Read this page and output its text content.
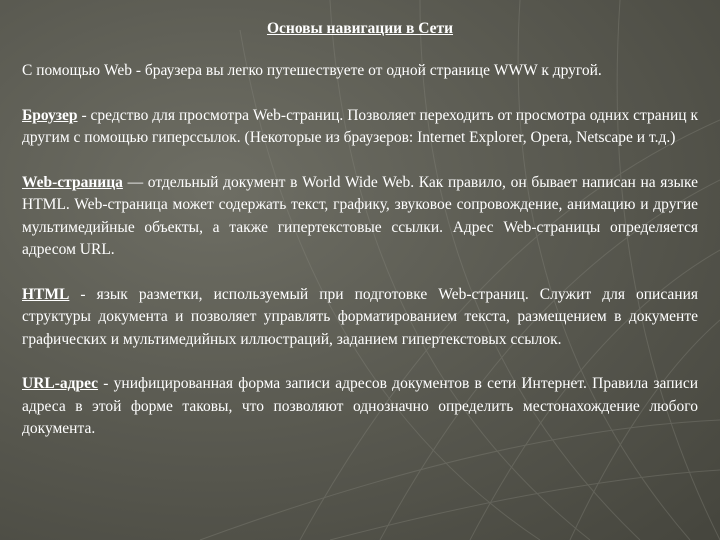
Основы навигации в Сети

С помощью Web - браузера вы легко путешествуете от одной странице WWW к другой.

Броузер - средство для просмотра Web-страниц. Позволяет переходить от просмотра одних страниц к другим с помощью гиперссылок. (Некоторые из браузеров: Internet Explorer, Opera, Netscape и т.д.)

Web-страница — отдельный документ в World Wide Web. Как правило, он бывает написан на языке HTML. Web-страница может содержать текст, графику, звуковое сопровождение, анимацию и другие мультимедийные объекты, а также гипертекстовые ссылки. Адрес Web-страницы определяется адресом URL.

HTML - язык разметки, используемый при подготовке Web-страниц. Служит для описания структуры документа и позволяет управлять форматированием текста, размещением в документе графических и мультимедийных иллюстраций, заданием гипертекстовых ссылок.

URL-адрес - унифицированная форма записи адресов документов в сети Интернет. Правила записи адреса в этой форме таковы, что позволяют однозначно определить местонахождение любого документа.
